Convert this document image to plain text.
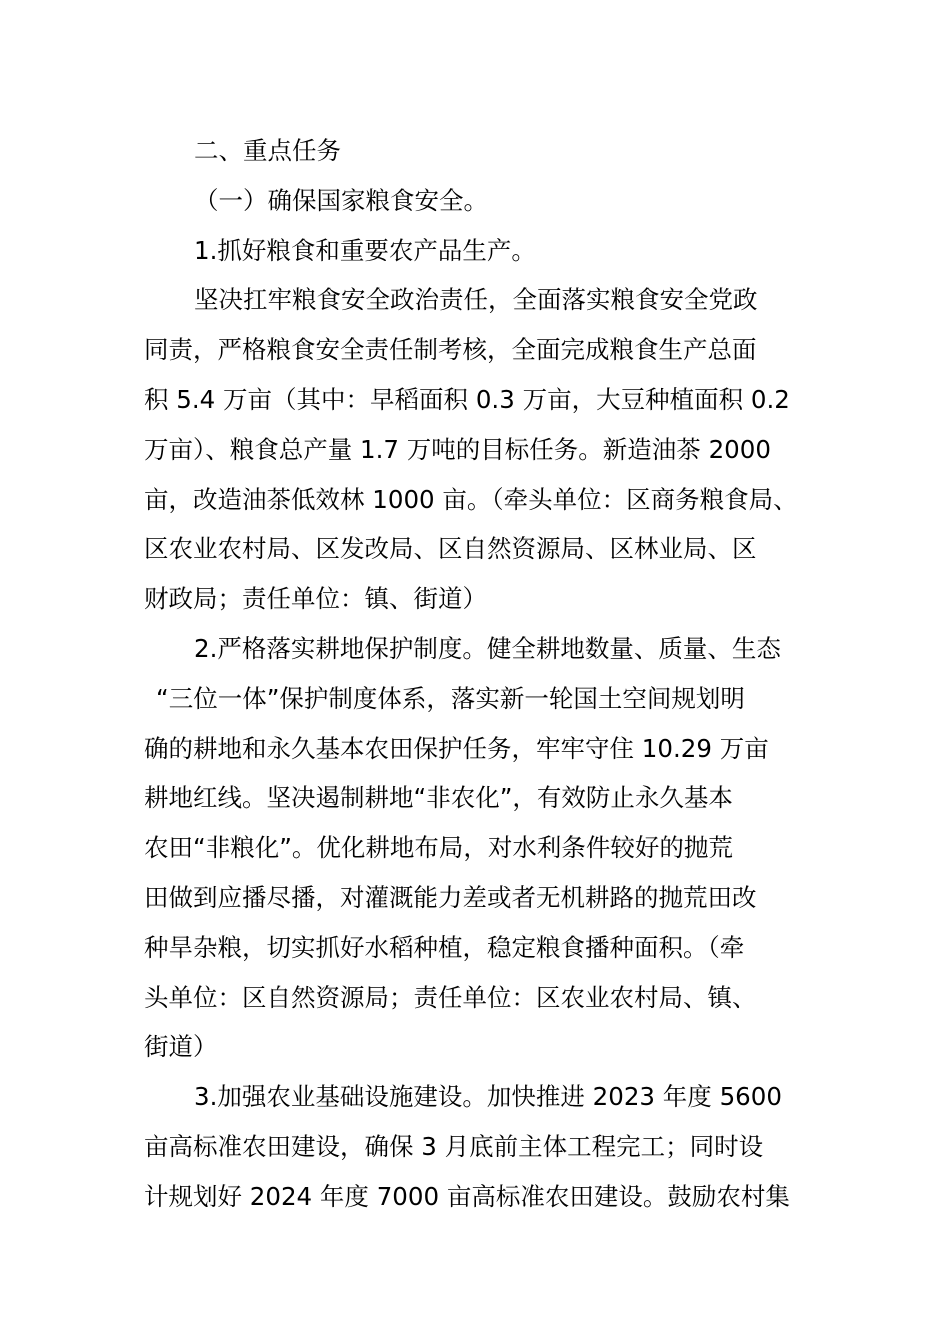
二、重点任务
（一）确保国家粮食安全。
1.抓好粮食和重要农产品生产。
坚决扛牢粮食安全政治责任，全面落实粮食安全党政
同责，严格粮食安全责任制考核，全面完成粮食生产总面
积 5.4 万亩（其中：早稻面积 0.3 万亩，大豆种植面积 0.2
万亩）、粮食总产量 1.7 万吨的目标任务。新造油茶 2000
亩，改造油茶低效林 1000 亩。（牵头单位：区商务粮食局、
区农业农村局、区发改局、区自然资源局、区林业局、区
财政局；责任单位：镇、街道）
2.严格落实耕地保护制度。健全耕地数量、质量、生态
“三位一体”保护制度体系，落实新一轮国土空间规划明
确的耕地和永久基本农田保护任务，牢牢守住 10.29 万亩
耕地红线。坚决遏制耕地“非农化”，有效防止永久基本
农田“非粮化”。优化耕地布局，对水利条件较好的抛荒
田做到应播尽播，对灌溉能力差或者无机耕路的抛荒田改
种旱杂粮，切实抓好水稻种植，稳定粮食播种面积。（牵
头单位：区自然资源局；责任单位：区农业农村局、镇、
街道）
3.加强农业基础设施建设。加快推进 2023 年度 5600
亩高标准农田建设，确保 3 月底前主体工程完工；同时设
计规划好 2024 年度 7000 亩高标准农田建设。鼓励农村集
